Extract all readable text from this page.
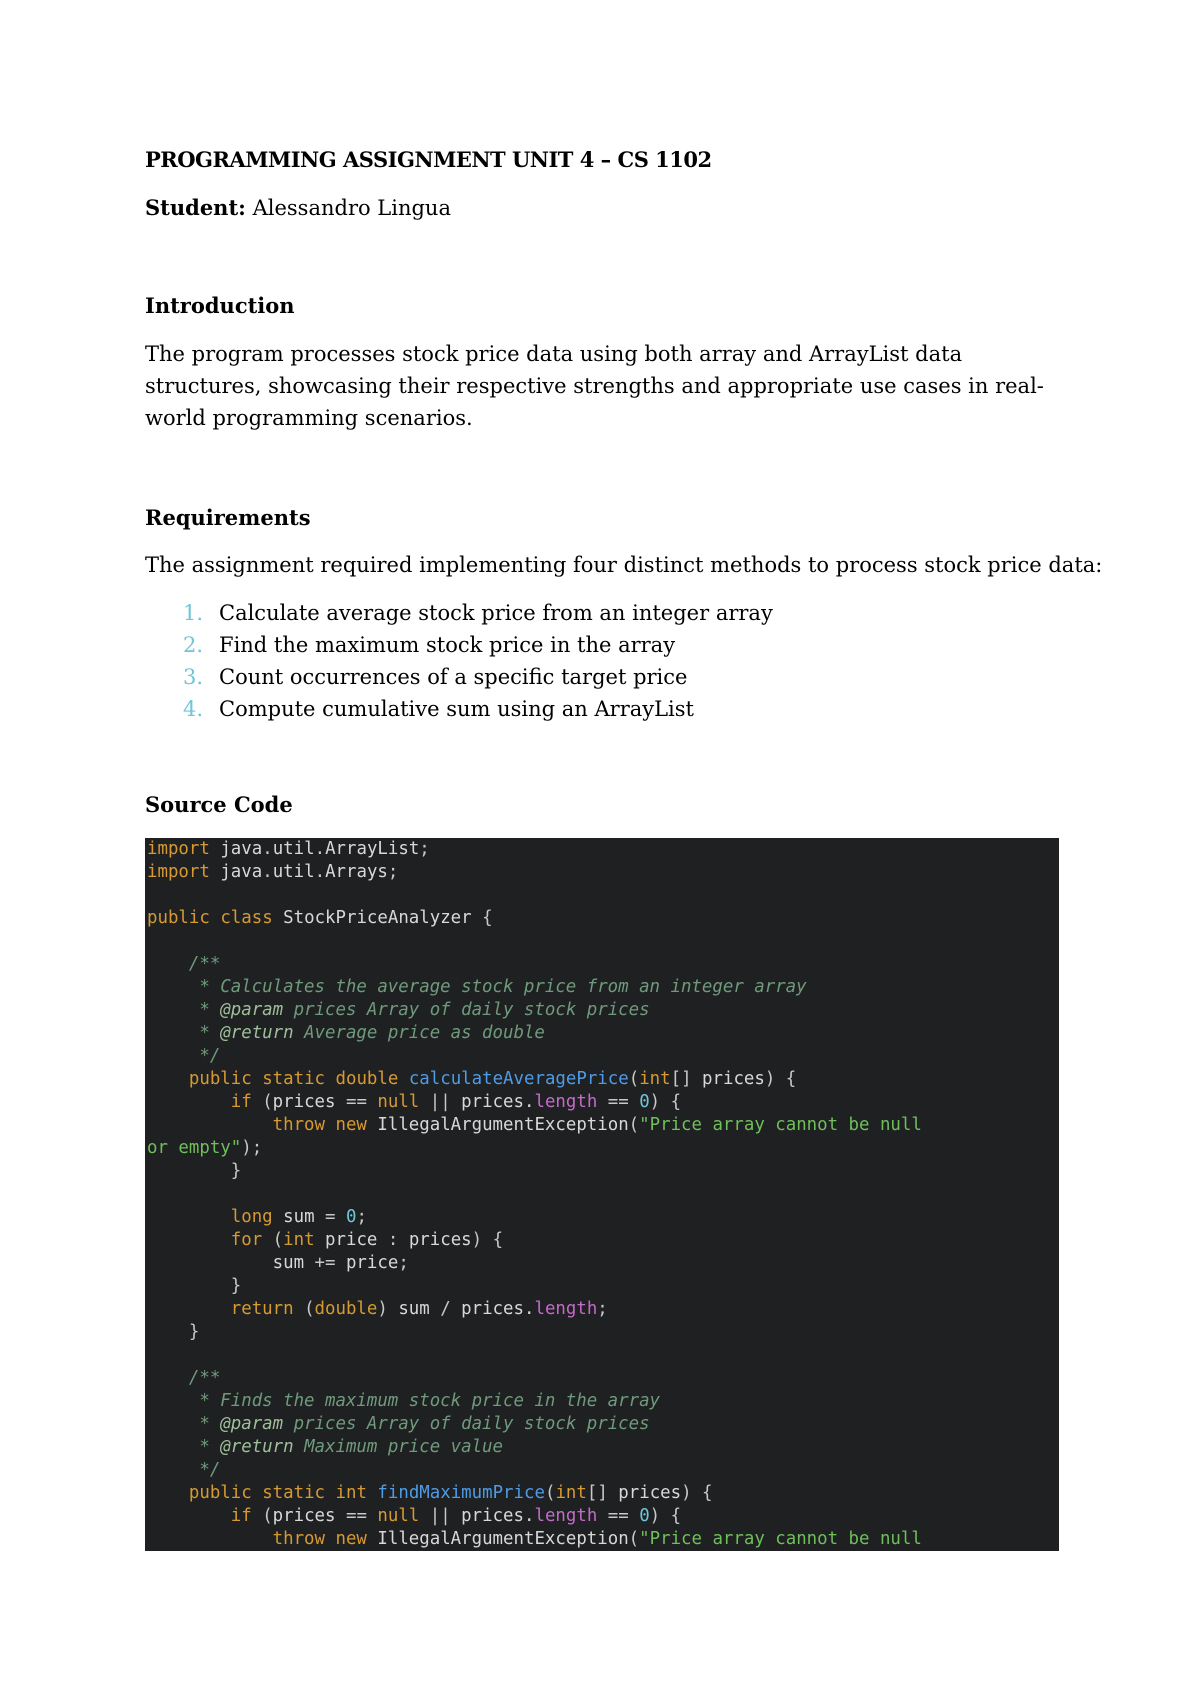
PROGRAMMING ASSIGNMENT UNIT 4 – CS 1102
Student: Alessandro Lingua
Introduction
The program processes stock price data using both array and ArrayList data structures, showcasing their respective strengths and appropriate use cases in real-world programming scenarios.
Requirements
The assignment required implementing four distinct methods to process stock price data:
1. Calculate average stock price from an integer array
2. Find the maximum stock price in the array
3. Count occurrences of a specific target price
4. Compute cumulative sum using an ArrayList
Source Code
import java.util.ArrayList;
import java.util.Arrays;

public class StockPriceAnalyzer {

/**
* Calculates the average stock price from an integer array
* @param prices Array of daily stock prices
* @return Average price as double
*/
public static double calculateAveragePrice(int[] prices) {
if (prices == null || prices.length == 0) {
throw new IllegalArgumentException("Price array cannot be null
or empty");
}

long sum = 0;
for (int price : prices) {
sum += price;
}
return (double) sum / prices.length;
}

/**
* Finds the maximum stock price in the array
* @param prices Array of daily stock prices
* @return Maximum price value
*/
public static int findMaximumPrice(int[] prices) {
if (prices == null || prices.length == 0) {
throw new IllegalArgumentException("Price array cannot be null
